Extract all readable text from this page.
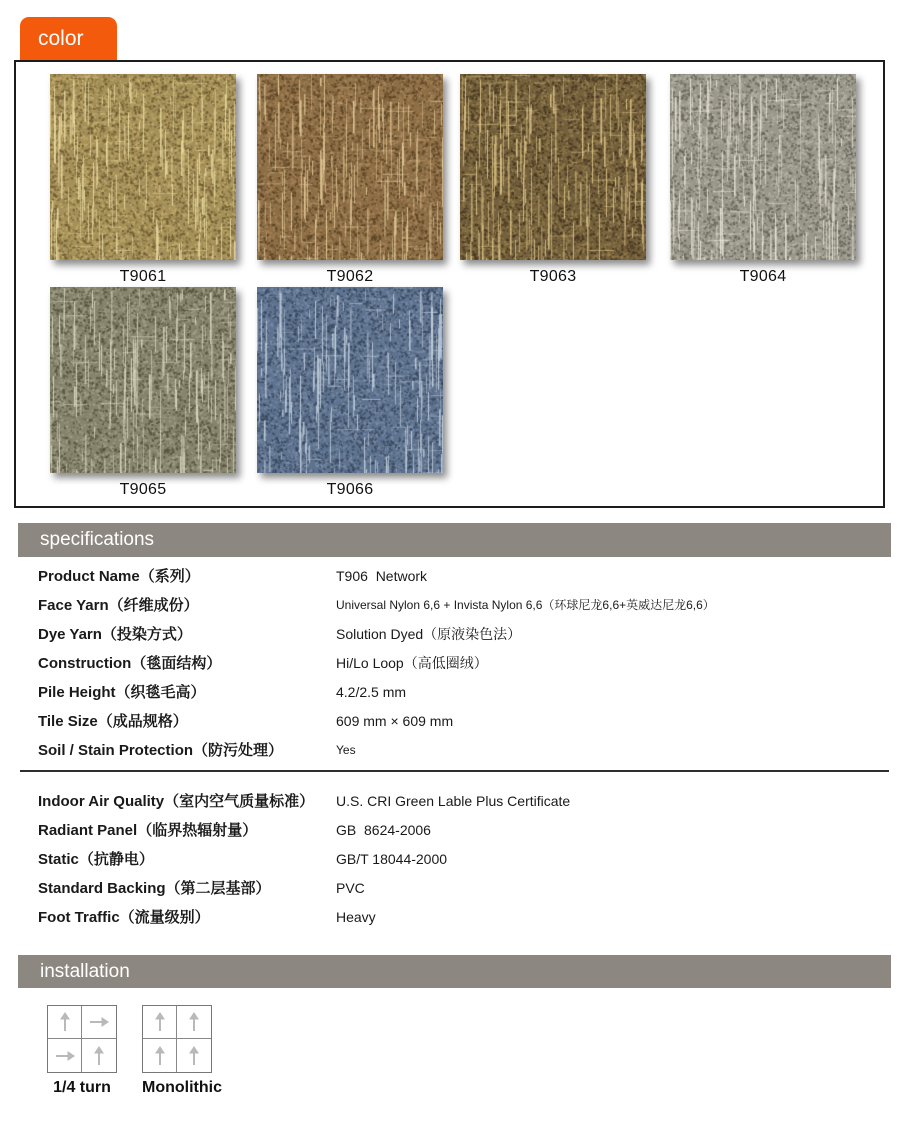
color
T9061	T9062	T9063	T9064
T9065	T9066
specifications
Product Name（系列）	T906  Network
Face Yarn（纤维成份）	Universal Nylon 6,6 + Invista Nylon 6,6（环球尼龙6,6+英威达尼龙6,6）
Dye Yarn（投染方式）	Solution Dyed（原液染色法）
Construction（毯面结构）	Hi/Lo Loop（高低圈绒）
Pile Height（织毯毛高）	4.2/2.5 mm
Tile Size（成品规格）	609 mm × 609 mm
Soil / Stain Protection（防污处理）	Yes
Indoor Air Quality（室内空气质量标准）	U.S. CRI Green Lable Plus Certificate
Radiant Panel（临界热辐射量）	GB  8624-2006
Static（抗静电）	GB/T 18044-2000
Standard Backing（第二层基部）	PVC
Foot Traffic（流量级别）	Heavy
installation
1/4 turn	Monolithic
